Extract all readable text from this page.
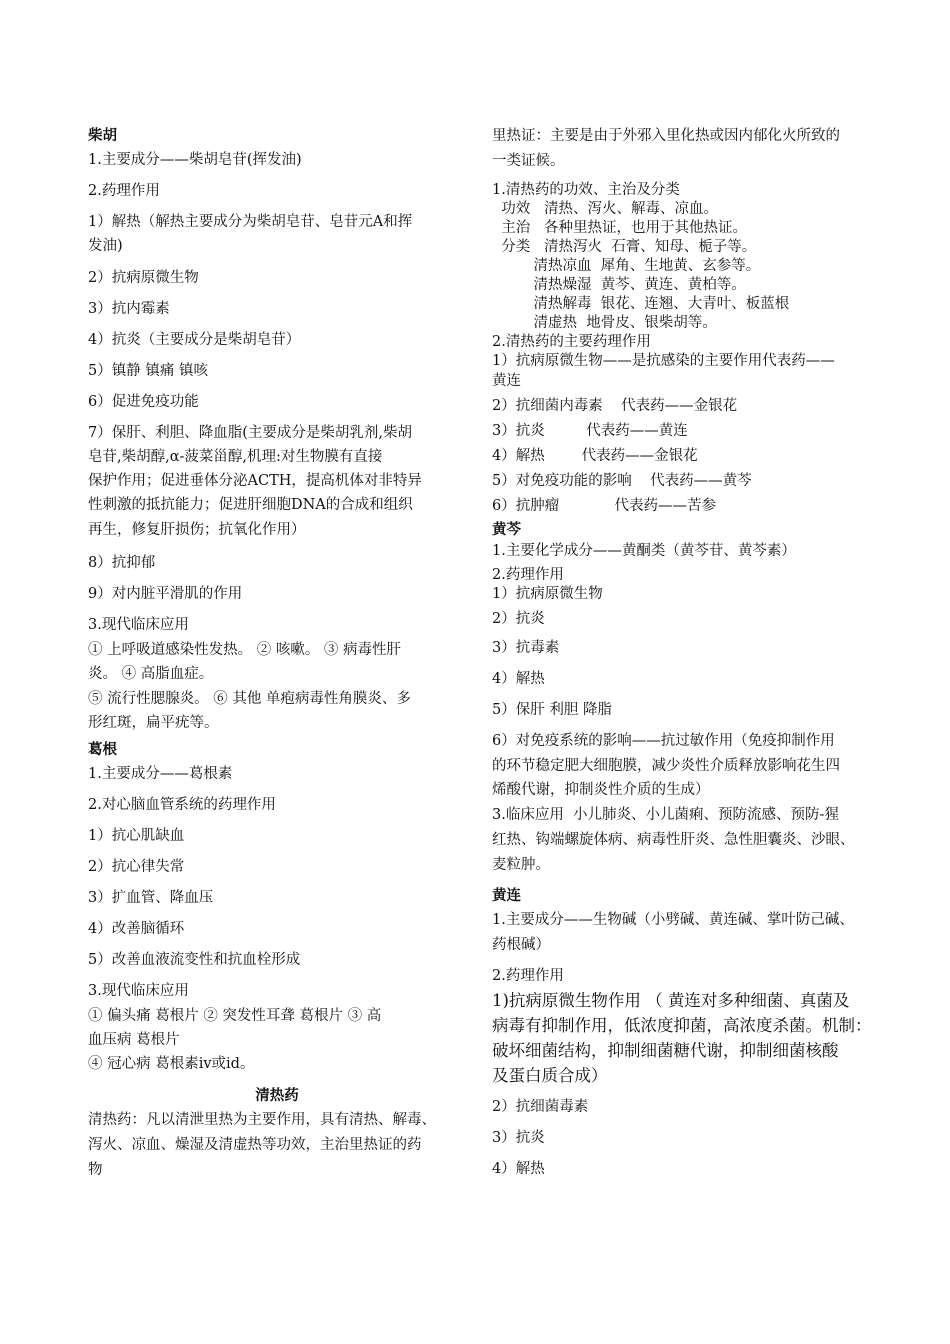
柴胡
1.主要成分——柴胡皂苷(挥发油)
2.药理作用
1）解热（解热主要成分为柴胡皂苷、皂苷元A和挥
发油)
2）抗病原微生物
3）抗内霉素
4）抗炎（主要成分是柴胡皂苷）
5）镇静 镇痛 镇咳
6）促进免疫功能
7）保肝、利胆、降血脂(主要成分是柴胡乳剂,柴胡
皂苷,柴胡醇,α-菠菜甾醇,机理:对生物膜有直接
保护作用；促进垂体分泌ACTH，提高机体对非特异
性刺激的抵抗能力；促进肝细胞DNA的合成和组织
再生，修复肝损伤；抗氧化作用）
8）抗抑郁
9）对内脏平滑肌的作用
3.现代临床应用
① 上呼吸道感染性发热。 ② 咳嗽。 ③ 病毒性肝
炎。 ④ 高脂血症。
⑤ 流行性腮腺炎。 ⑥ 其他 单疱病毒性角膜炎、多
形红斑，扁平疣等。
葛根
1.主要成分——葛根素
2.对心脑血管系统的药理作用
1）抗心肌缺血
2）抗心律失常
3）扩血管、降血压
4）改善脑循环
5）改善血液流变性和抗血栓形成
3.现代临床应用
① 偏头痛 葛根片 ② 突发性耳聋 葛根片 ③ 高
血压病 葛根片
④ 冠心病 葛根素iv或id。
清热药
清热药：凡以清泄里热为主要作用，具有清热、解毒、
泻火、凉血、燥湿及清虚热等功效，主治里热证的药
物
里热证：主要是由于外邪入里化热或因内郁化火所致的
一类证候。
1.清热药的功效、主治及分类
功效   清热、泻火、解毒、凉血。
主治   各种里热证，也用于其他热证。
分类   清热泻火  石膏、知母、栀子等。
清热凉血  犀角、生地黄、玄参等。
清热燥湿  黄芩、黄连、黄柏等。
清热解毒  银花、连翘、大青叶、板蓝根
清虚热  地骨皮、银柴胡等。
2.清热药的主要药理作用
1）抗病原微生物——是抗感染的主要作用代表药——
黄连
2）抗细菌内毒素    代表药——金银花
3）抗炎         代表药——黄连
4）解热        代表药——金银花
5）对免疫功能的影响    代表药——黄芩
6）抗肿瘤            代表药——苦参
黄芩
1.主要化学成分——黄酮类（黄芩苷、黄芩素）
2.药理作用
1）抗病原微生物
2）抗炎
3）抗毒素
4）解热
5）保肝 利胆 降脂
6）对免疫系统的影响——抗过敏作用（免疫抑制作用
的环节稳定肥大细胞膜，减少炎性介质释放影响花生四
烯酸代谢，抑制炎性介质的生成）
3.临床应用  小儿肺炎、小儿菌痢、预防流感、预防-猩
红热、钩端螺旋体病、病毒性肝炎、急性胆囊炎、沙眼、
麦粒肿。
黄连
1.主要成分——生物碱（小劈碱、黄连碱、掌叶防己碱、
药根碱）
2.药理作用
1)抗病原微生物作用 （ 黄连对多种细菌、真菌及
病毒有抑制作用，低浓度抑菌，高浓度杀菌。机制：
破坏细菌结构，抑制细菌糖代谢，抑制细菌核酸
及蛋白质合成）
2）抗细菌毒素
3）抗炎
4）解热
